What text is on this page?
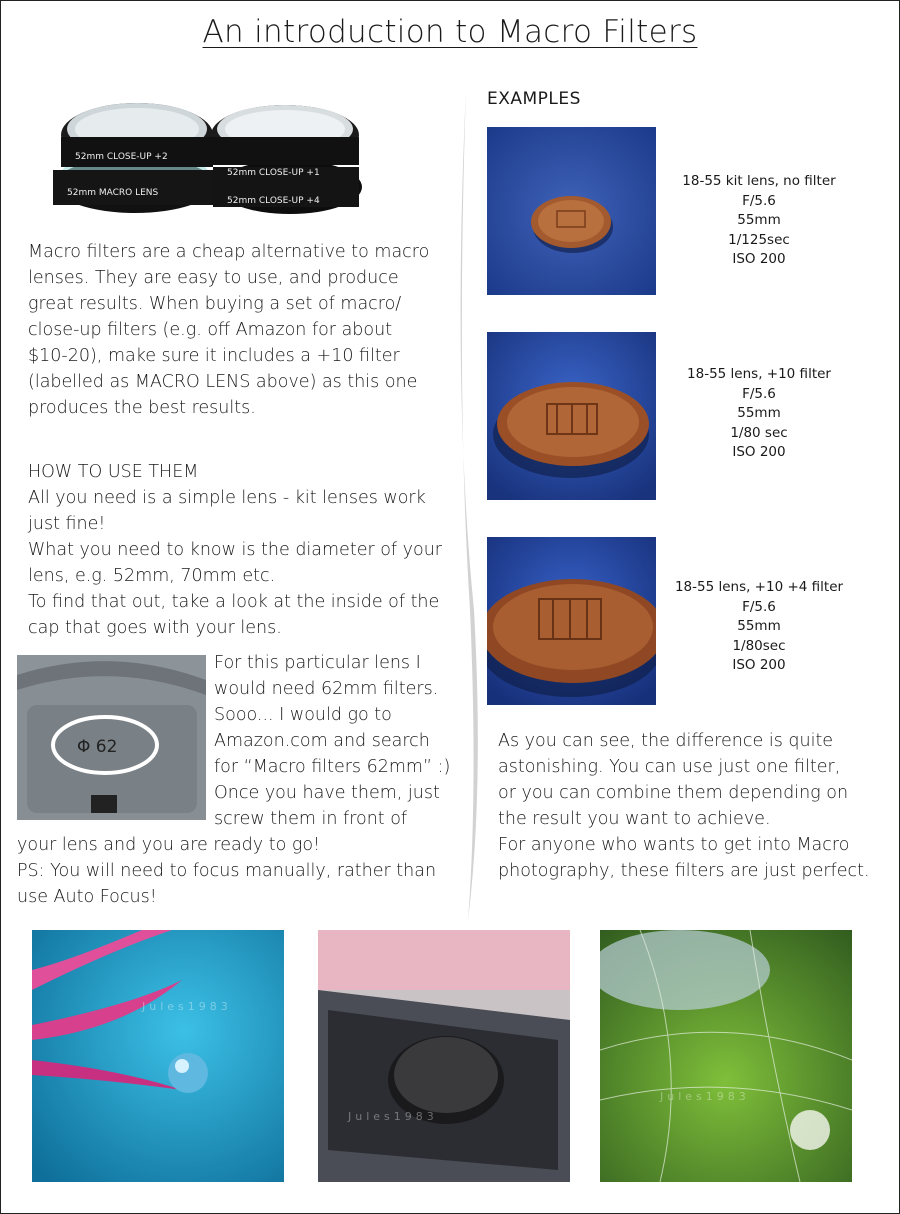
An introduction to Macro Filters
52mm CLOSE-UP +2
52mm MACRO LENS
52mm CLOSE-UP +1
52mm CLOSE-UP +4
Macro filters are a cheap alternative to macro
lenses. They are easy to use, and produce
great results. When buying a set of macro/
close-up filters (e.g. off Amazon for about
$10-20), make sure it includes a +10 filter
(labelled as MACRO LENS above) as this one
produces the best results.
HOW TO USE THEM
All you need is a simple lens - kit lenses work
just fine!
What you need to know is the diameter of your
lens, e.g. 52mm, 70mm etc.
To find that out, take a look at the inside of the
cap that goes with your lens.
Φ 62
For this particular lens I
would need 62mm filters.
Sooo... I would go to
Amazon.com and search
for “Macro filters 62mm” :)
Once you have them, just
screw them in front of
your lens and you are ready to go!
PS: You will need to focus manually, rather than
use Auto Focus!
EXAMPLES
18-55 kit lens, no filter
F/5.6
55mm
1/125sec
ISO 200
18-55 lens, +10 filter
F/5.6
55mm
1/80 sec
ISO 200
18-55 lens, +10 +4 filter
F/5.6
55mm
1/80sec
ISO 200
As you can see, the difference is quite
astonishing. You can use just one filter,
or you can combine them depending on
the result you want to achieve.
For anyone who wants to get into Macro
photography, these filters are just perfect.
Jules1983
Jules1983
Jules1983
